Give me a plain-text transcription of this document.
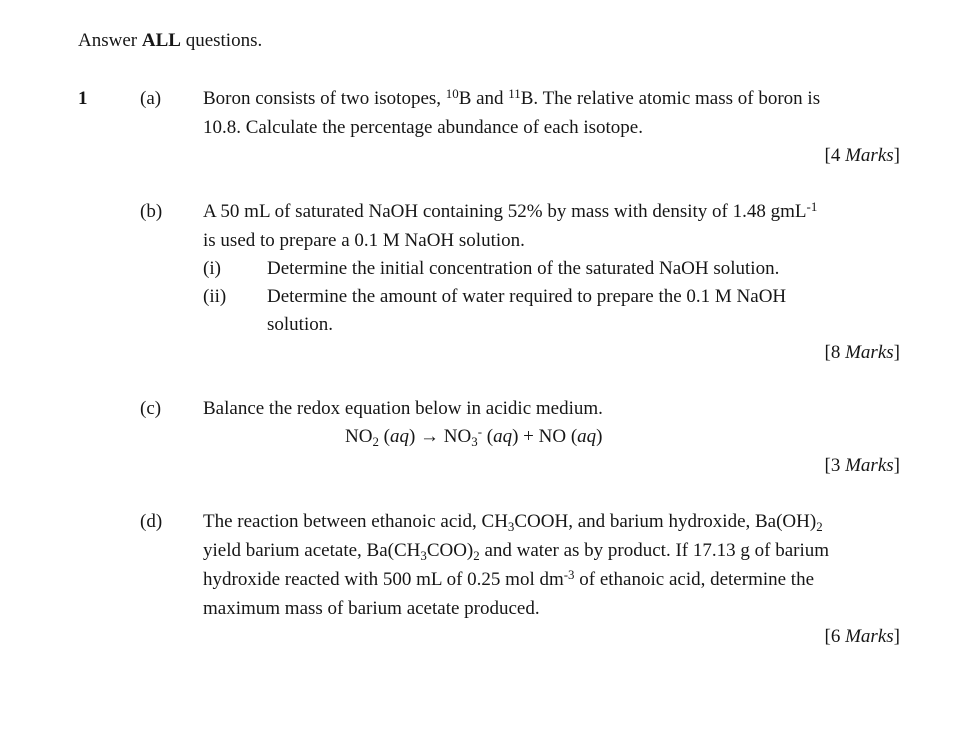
Answer ALL questions.
1	(a)	Boron consists of two isotopes, $^{10}$B and $^{11}$B. The relative atomic mass of boron is
10.8. Calculate the percentage abundance of each isotope.
[4 Marks]
(b)	A 50 mL of saturated NaOH containing 52% by mass with density of 1.48 gmL$^{-1}$
is used to prepare a 0.1 M NaOH solution.
(i)	Determine the initial concentration of the saturated NaOH solution.
(ii)	Determine the amount of water required to prepare the 0.1 M NaOH
solution.
[8 Marks]
(c)	Balance the redox equation below in acidic medium.
NO2 (aq) → NO3- (aq) + NO (aq)
[3 Marks]
(d)	The reaction between ethanoic acid, CH3COOH, and barium hydroxide, Ba(OH)2
yield barium acetate, Ba(CH3COO)2 and water as by product. If 17.13 g of barium
hydroxide reacted with 500 mL of 0.25 mol $dm^{-3}$ of ethanoic acid, determine the
maximum mass of barium acetate produced.
[6 Marks]
